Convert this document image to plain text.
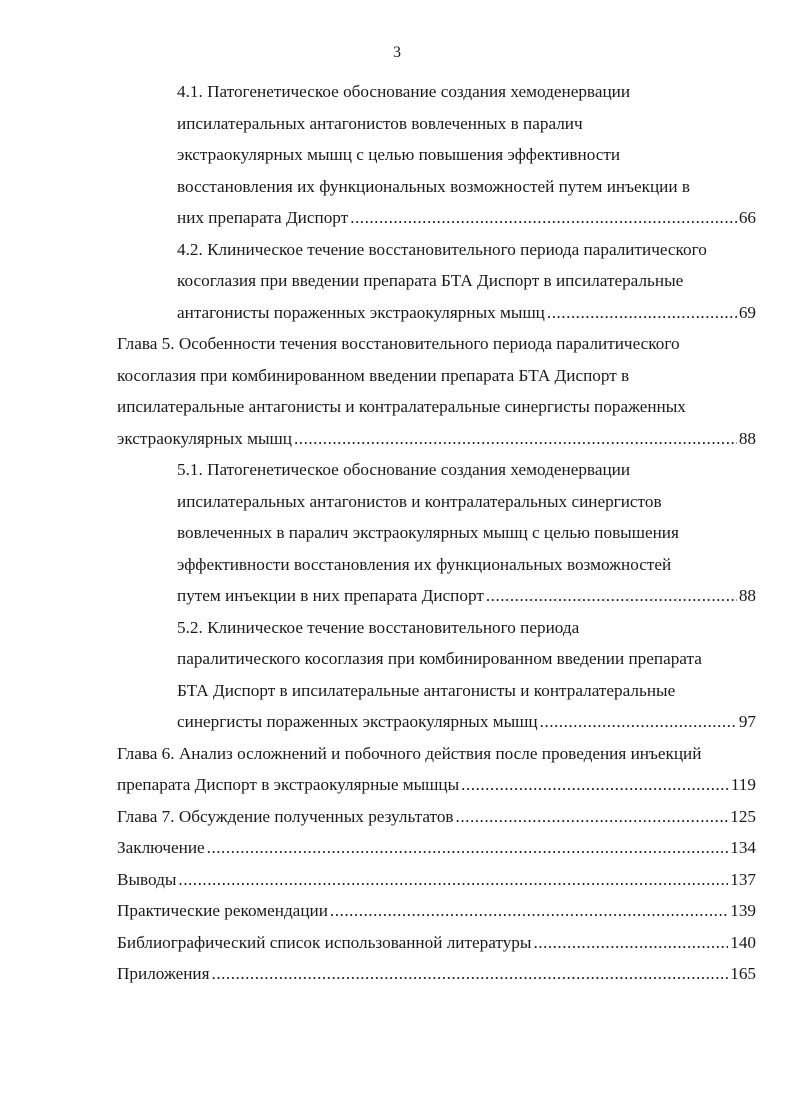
3
4.1. Патогенетическое обоснование создания хемоденервации
ипсилатеральных антагонистов вовлеченных в паралич
экстраокулярных мышц с целью повышения эффективности
восстановления их функциональных возможностей путем инъекции в
них препарата Диспорт .....	66
4.2. Клиническое течение восстановительного периода паралитического
косоглазия при введении препарата БТА Диспорт в ипсилатеральные
антагонисты пораженных экстраокулярных мышц .....	69
Глава 5. Особенности течения восстановительного периода паралитического
косоглазия при комбинированном введении препарата БТА Диспорт в
ипсилатеральные антагонисты и контралатеральные синергисты пораженных
экстраокулярных мышц .....	88
5.1. Патогенетическое обоснование создания хемоденервации
ипсилатеральных антагонистов и контралатеральных синергистов
вовлеченных в паралич экстраокулярных мышц с целью повышения
эффективности восстановления их функциональных возможностей
путем инъекции в них препарата Диспорт .....	88
5.2. Клиническое течение восстановительного периода
паралитического косоглазия при комбинированном введении препарата
БТА Диспорт в ипсилатеральные антагонисты и контралатеральные
синергисты пораженных экстраокулярных мышц .....	97
Глава 6. Анализ осложнений и побочного действия после проведения инъекций
препарата Диспорт в экстраокулярные мышцы .....	119
Глава 7. Обсуждение полученных результатов .....	125
Заключение .....	134
Выводы .....	137
Практические рекомендации .....	139
Библиографический список использованной литературы .....	140
Приложения .....	165
